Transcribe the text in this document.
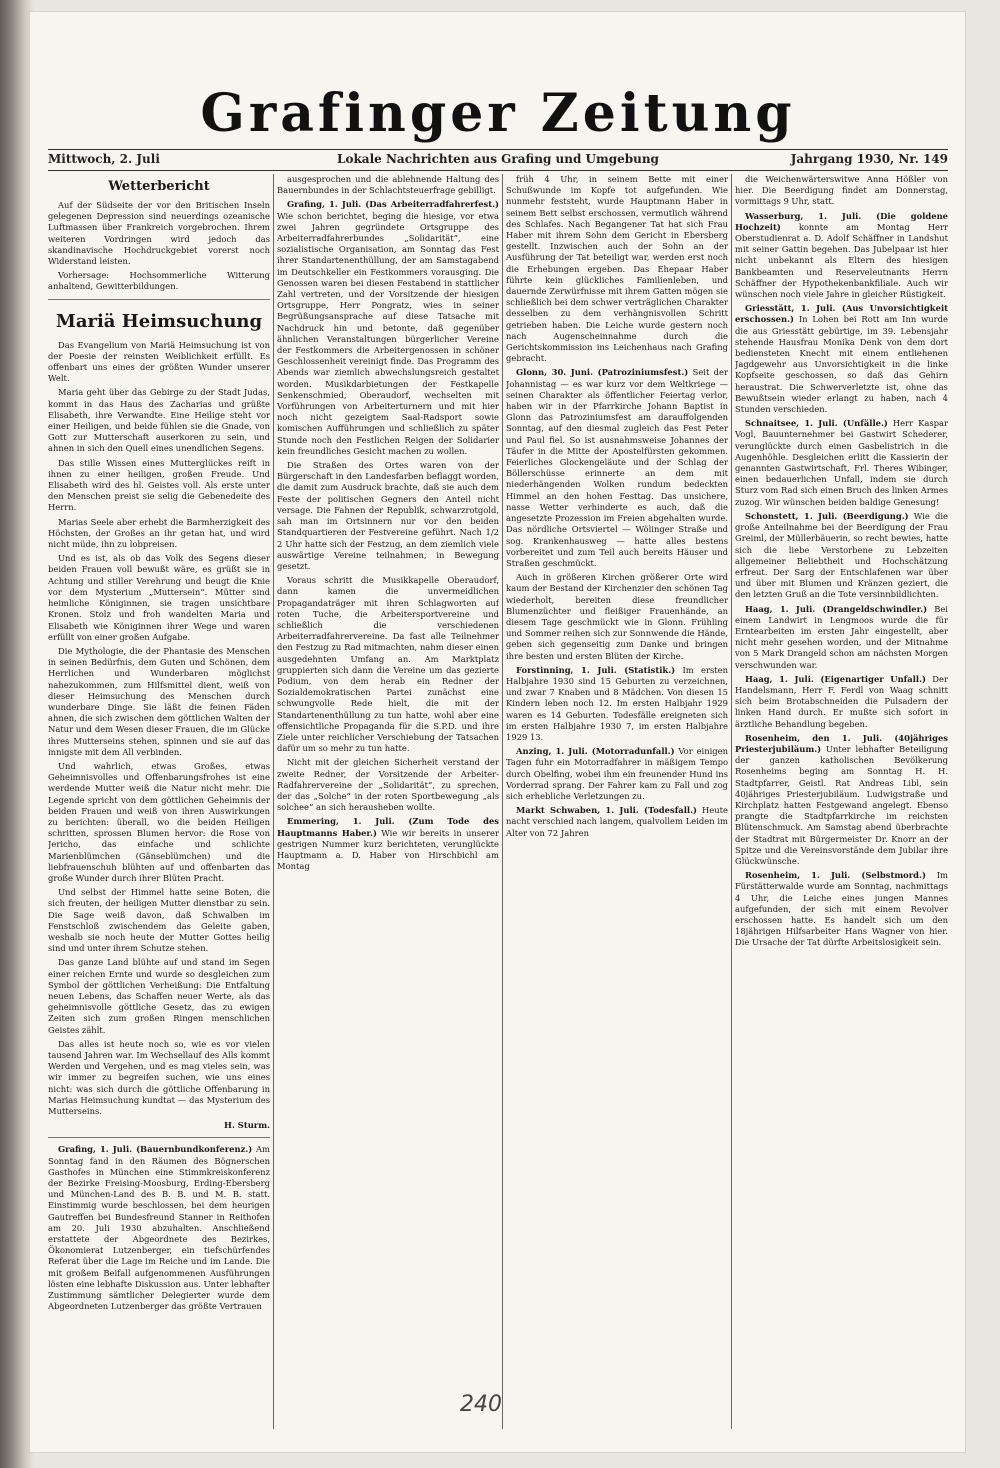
Grafinger Zeitung
Mittwoch, 2. Juli	Lokale Nachrichten aus Grafing und Umgebung	Jahrgang 1930, Nr. 149
Wetterbericht

Auf der Südseite der vor den Britischen Inseln gelegenen Depression sind neuerdings ozeanische Luftmassen über Frankreich vorgebrochen. Ihrem weiteren Vordringen wird jedoch das skandinavische Hochdruckgebiet vorerst noch Widerstand leisten.

Vorhersage: Hochsommerliche Witterung anhaltend, Gewitterbildungen.

Mariä Heimsuchung

Das Evangelium von Mariä Heimsuchung ist von der Poesie der reinsten Weiblichkeit erfüllt. Es offenbart uns eines der größten Wunder unserer Welt.

Maria geht über das Gebirge zu der Stadt Judas, kommt in das Haus des Zacharias und grüßte Elisabeth, ihre Verwandte. Eine Heilige steht vor einer Heiligen, und beide fühlen sie die Gnade, von Gott zur Mutterschaft auserkoren zu sein, und ahnen in sich den Quell eines unendlichen Segens.

Das stille Wissen eines Mutterglückes reift in ihnen zu einer heiligen, großen Freude. Und Elisabeth wird des hl. Geistes voll. Als erste unter den Menschen preist sie selig die Gebenedeite des Herrn.

Marias Seele aber erhebt die Barmherzigkeit des Höchsten, der Großes an ihr getan hat, und wird nicht müde, ihn zu lobpreisen.

Und es ist, als ob das Volk des Segens dieser beiden Frauen voll bewußt wäre, es grüßt sie in Achtung und stiller Verehrung und beugt die Knie vor dem Mysterium „Muttersein“. Mütter sind heimliche Königinnen, sie tragen unsichtbare Kronen. Stolz und froh wandelten Maria und Elisabeth wie Königinnen ihrer Wege und waren erfüllt von einer großen Aufgabe.

Die Mythologie, die der Phantasie des Menschen in seinen Bedürfnis, dem Guten und Schönen, dem Herrlichen und Wunderbaren möglichst nahezukommen, zum Hilfsmittel dient, weiß von dieser Heimsuchung des Menschen durch wunderbare Dinge. Sie läßt die feinen Fäden ahnen, die sich zwischen dem göttlichen Walten der Natur und dem Wesen dieser Frauen, die im Glücke ihres Mutterseins stehen, spinnen und sie auf das innigste mit dem All verbinden.

Und wahrlich, etwas Großes, etwas Geheimnisvolles und Offenbarungsfrohes ist eine werdende Mutter weiß die Natur nicht mehr. Die Legende spricht von dem göttlichen Geheimnis der beiden Frauen und weiß von ihren Auswirkungen zu berichten: überall, wo die beiden Heiligen schritten, sprossen Blumen hervor: die Rose von Jericho, das einfache und schlichte Marienblümchen (Gänseblümchen) und die liebfrauenschuh blühten auf und offenbarten das große Wunder durch ihrer Blüten Pracht.

Und selbst der Himmel hatte seine Boten, die sich freuten, der heiligen Mutter dienstbar zu sein. Die Sage weiß davon, daß Schwalben im Fenstschloß zwischendem das Geleite gaben, weshalb sie noch heute der Mutter Gottes heilig sind und unter ihrem Schutze stehen.

Das ganze Land blühte auf und stand im Segen einer reichen Ernte und wurde so desgleichen zum Symbol der göttlichen Verheißung: Die Entfaltung neuen Lebens, das Schaffen neuer Werte, als das geheimnisvolle göttliche Gesetz, das zu ewigen Zeiten sich zum großen Ringen menschlichen Geistes zählt.

Das alles ist heute noch so, wie es vor vielen tausend Jahren war. Im Wechsellauf des Alls kommt Werden und Vergehen, und es mag vieles sein, was wir immer zu begreifen suchen, wie uns eines nicht: was sich durch die göttliche Offenbarung in Marias Heimsuchung kundtat — das Mysterium des Mutterseins.

H. Sturm.

Grafing, 1. Juli. (Bauernbundkonferenz.) Am Sonntag fand in den Räumen des Bögnerschen Gasthofes in München eine Stimmkreiskonferenz der Bezirke Freising-Moosburg, Erding-Ebersberg und München-Land des B. B. und M. B. statt. Einstimmig wurde beschlossen, bei dem heurigen Gautreffen bei Bundesfreund Stanner in Reithofen am 20. Juli 1930 abzuhalten. Anschließend erstattete der Abgeordnete des Bezirkes, Ökonomierat Lutzenberger, ein tiefschürfendes Referat über die Lage im Reiche und im Lande. Die mit großem Beifall aufgenommenen Ausführungen lösten eine lebhafte Diskussion aus. Unter lebhafter Zustimmung sämtlicher Delegierter wurde dem Abgeordneten Lutzenberger das größte Vertrauen

ausgesprochen und die ablehnende Haltung des Bauernbundes in der Schlachtsteuerfrage gebilligt.

Grafing, 1. Juli. (Das Arbeiterradfahrerfest.) Wie schon berichtet, beging die hiesige, vor etwa zwei Jahren gegründete Ortsgruppe des Arbeiterradfahrerbundes „Solidarität“, eine sozialistische Organisation, am Sonntag das Fest ihrer Standartenenthüllung, der am Samstagabend im Deutschkeller ein Festkommers vorausging. Die Genossen waren bei diesen Festabend in stattlicher Zahl vertreten, und der Vorsitzende der hiesigen Ortsgruppe, Herr Pongratz, wies in seiner Begrüßungsansprache auf diese Tatsache mit Nachdruck hin und betonte, daß gegenüber ähnlichen Veranstaltungen bürgerlicher Vereine der Festkommers die Arbeitergenossen in schöner Geschlossenheit vereinigt finde. Das Programm des Abends war ziemlich abwechslungsreich gestaltet worden. Musikdarbietungen der Festkapelle Senkenschmied, Oberaudorf, wechselten mit Vorführungen von Arbeiterturnern und mit hier noch nicht gezeigtem Saal-Radsport sowie komischen Aufführungen und schließlich zu später Stunde noch den Festlichen Reigen der Solidarier kein freundliches Gesicht machen zu wollen.

Die Straßen des Ortes waren von der Bürgerschaft in den Landesfarben beflaggt worden, die damit zum Ausdruck brachte, daß sie auch dem Feste der politischen Gegners den Anteil nicht versage. Die Fahnen der Republik, schwarzrotgold, sah man im Ortsinnern nur vor den beiden Standquartieren der Festvereine geführt. Nach 1/2 2 Uhr hatte sich der Festzug, an dem ziemlich viele auswärtige Vereine teilnahmen, in Bewegung gesetzt.

Voraus schritt die Musikkapelle Oberaudorf, dann kamen die unvermeidlichen Propagandaträger mit ihren Schlagworten auf roten Tuche, die Arbeitersportvereine und schließlich die verschiedenen Arbeiterradfahrervereine. Da fast alle Teilnehmer den Festzug zu Rad mitmachten, nahm dieser einen ausgedehnten Umfang an. Am Marktplatz gruppierten sich dann die Vereine um das gezierte Podium, von dem herab ein Redner der Sozialdemokratischen Partei zunächst eine schwungvolle Rede hielt, die mit der Standartenenthüllung zu tun hatte, wohl aber eine offensichtliche Propaganda für die S.P.D. und ihre Ziele unter reichlicher Verschiebung der Tatsachen dafür um so mehr zu tun hatte.

Nicht mit der gleichen Sicherheit verstand der zweite Redner, der Vorsitzende der Arbeiter-Radfahrervereine der „Solidarität“, zu sprechen, der das „Solche“ in der roten Sportbewegung „als solchee“ an sich herausheben wollte.

Emmering, 1. Juli. (Zum Tode des Hauptmanns Haber.) Wie wir bereits in unserer gestrigen Nummer kurz berichteten, verunglückte Hauptmann a. D. Haber von Hirschbichl am Montag

früh 4 Uhr, in seinem Bette mit einer Schußwunde im Kopfe tot aufgefunden. Wie nunmehr feststeht, wurde Hauptmann Haber in seinem Bett selbst erschossen, vermutlich während des Schlafes. Nach Begangener Tat hat sich Frau Haber mit ihrem Sohn dem Gericht in Ebersberg gestellt. Inzwischen auch der Sohn an der Ausführung der Tat beteiligt war, werden erst noch die Erhebungen ergeben. Das Ehepaar Haber führte kein glückliches Familienleben, und dauernde Zerwürfnisse mit ihrem Gatten mögen sie schließlich bei dem schwer verträglichen Charakter desselben zu dem verhängnisvollen Schritt getrieben haben. Die Leiche wurde gestern noch nach Augenscheinnahme durch die Gerichtskommission ins Leichenhaus nach Grafing gebracht.

Glonn, 30. Juni. (Patroziniumsfest.) Seit der Johannistag — es war kurz vor dem Weltkriege — seinen Charakter als öffentlicher Feiertag verlor, haben wir in der Pfarrkirche Johann Baptist in Glonn das Patroziniumsfest am darauffolgenden Sonntag, auf den diesmal zugleich das Fest Peter und Paul fiel. So ist ausnahmsweise Johannes der Täufer in die Mitte der Apostelfürsten gekommen. Feierliches Glockengeläute und der Schlag der Böllerschüsse erinnerte an dem mit niederhängenden Wolken rundum bedeckten Himmel an den hohen Festtag. Das unsichere, nasse Wetter verhinderte es auch, daß die angesetzte Prozession im Freien abgehalten wurde. Das nördliche Ortsviertel — Wölinger Straße und sog. Krankenhausweg — hatte alles bestens vorbereitet und zum Teil auch bereits Häuser und Straßen geschmückt.

Auch in größeren Kirchen größerer Orte wird kaum der Bestand der Kirchenzier den schönen Tag wiederholt, bereiten diese freundlicher Blumenzüchter und fleißiger Frauenhände, an diesem Tage geschmückt wie in Glonn. Frühling und Sommer reihen sich zur Sonnwende die Hände, geben sich gegenseitig zum Danke und bringen ihre besten und ersten Blüten der Kirche.

Forstinning, 1. Juli. (Statistik.) Im ersten Halbjahre 1930 sind 15 Geburten zu verzeichnen, und zwar 7 Knaben und 8 Mädchen. Von diesen 15 Kindern leben noch 12. Im ersten Halbjahr 1929 waren es 14 Geburten. Todesfälle ereigneten sich im ersten Halbjahre 1930 7, im ersten Halbjahre 1929 13.

Anzing, 1. Juli. (Motorradunfall.) Vor einigen Tagen fuhr ein Motorradfahrer in mäßigem Tempo durch Obelfing, wobei ihm ein freunender Hund ins Vorderrad sprang. Der Fahrer kam zu Fall und zog sich erhebliche Verletzungen zu.

Markt Schwaben, 1. Juli. (Todesfall.) Heute nacht verschied nach langem, qualvollem Leiden im Alter von 72 Jahren

die Weichenwärterswitwe Anna Hößler von hier. Die Beerdigung findet am Donnerstag, vormittags 9 Uhr, statt.

Wasserburg, 1. Juli. (Die goldene Hochzeit) konnte am Montag Herr Oberstudienrat a. D. Adolf Schäffner in Landshut mit seiner Gattin begehen. Das Jubelpaar ist hier nicht unbekannt als Eltern des hiesigen Bankbeamten und Reserveleutnants Herrn Schäffner der Hypothekenbankfiliale. Auch wir wünschen noch viele Jahre in gleicher Rüstigkeit.

Griesstätt, 1. Juli. (Aus Unvorsichtigkeit erschossen.) In Lohen bei Rott am Inn wurde die aus Griesstätt gebürtige, im 39. Lebensjahr stehende Hausfrau Monika Denk von dem dort bediensteten Knecht mit einem entliehenen Jagdgewehr aus Unvorsichtigkeit in die linke Kopfseite geschossen, so daß das Gehirn heraustrat. Die Schwerverletzte ist, ohne das Bewußtsein wieder erlangt zu haben, nach 4 Stunden verschieden.

Schnaitsee, 1. Juli. (Unfälle.) Herr Kaspar Vogl, Bauunternehmer bei Gastwirt Schederer, verunglückte durch einen Gasbelistrich in die Augenhöhle. Desgleichen erlitt die Kassierin der genannten Gastwirtschaft, Frl. Theres Wibinger, einen bedauerlichen Unfall, indem sie durch Sturz vom Rad sich einen Bruch des linken Armes zuzog. Wir wünschen beiden baldige Genesung!

Schonstett, 1. Juli. (Beerdigung.) Wie die große Anteilnahme bei der Beerdigung der Frau Greiml, der Müllerbäuerin, so recht bewies, hatte sich die liebe Verstorbene zu Lebzeiten allgemeiner Beliebtheit und Hochschätzung erfreut. Der Sarg der Entschlafenen war über und über mit Blumen und Kränzen geziert, die den letzten Gruß an die Tote versinnbildlichten.

Haag, 1. Juli. (Drangeldschwindler.) Bei einem Landwirt in Lengmoos wurde die für Erntearbeiten im ersten Jahr eingestellt, aber nicht mehr gesehen worden, und der Mitnahme von 5 Mark Drangeld schon am nächsten Morgen verschwunden war.

Haag, 1. Juli. (Eigenartiger Unfall.) Der Handelsmann, Herr F. Ferdl von Waag schnitt sich beim Brotabschneiden die Pulsadern der linken Hand durch. Er mußte sich sofort in ärztliche Behandlung begeben.

Rosenheim, den 1. Juli. (40jähriges Priesterjubiläum.) Unter lebhafter Beteiligung der ganzen katholischen Bevölkerung Rosenheims beging am Sonntag H. H. Stadtpfarrer, Geistl. Rat Andreas Libl, sein 40jähriges Priesterjubiläum. Ludwigstraße und Kirchplatz hatten Festgewand angelegt. Ebenso prangte die Stadtpfarrkirche im reichsten Blütenschmuck. Am Samstag abend überbrachte der Stadtrat mit Bürgermeister Dr. Knorr an der Spitze und die Vereinsvorstände dem Jubilar ihre Glückwünsche.

Rosenheim, 1. Juli. (Selbstmord.) Im Fürstätterwalde wurde am Sonntag, nachmittags 4 Uhr, die Leiche eines jungen Mannes aufgefunden, der sich mit einem Revolver erschossen hatte. Es handelt sich um den 18jährigen Hilfsarbeiter Hans Wagner von hier. Die Ursache der Tat dürfte Arbeitslosigkeit sein.

240
